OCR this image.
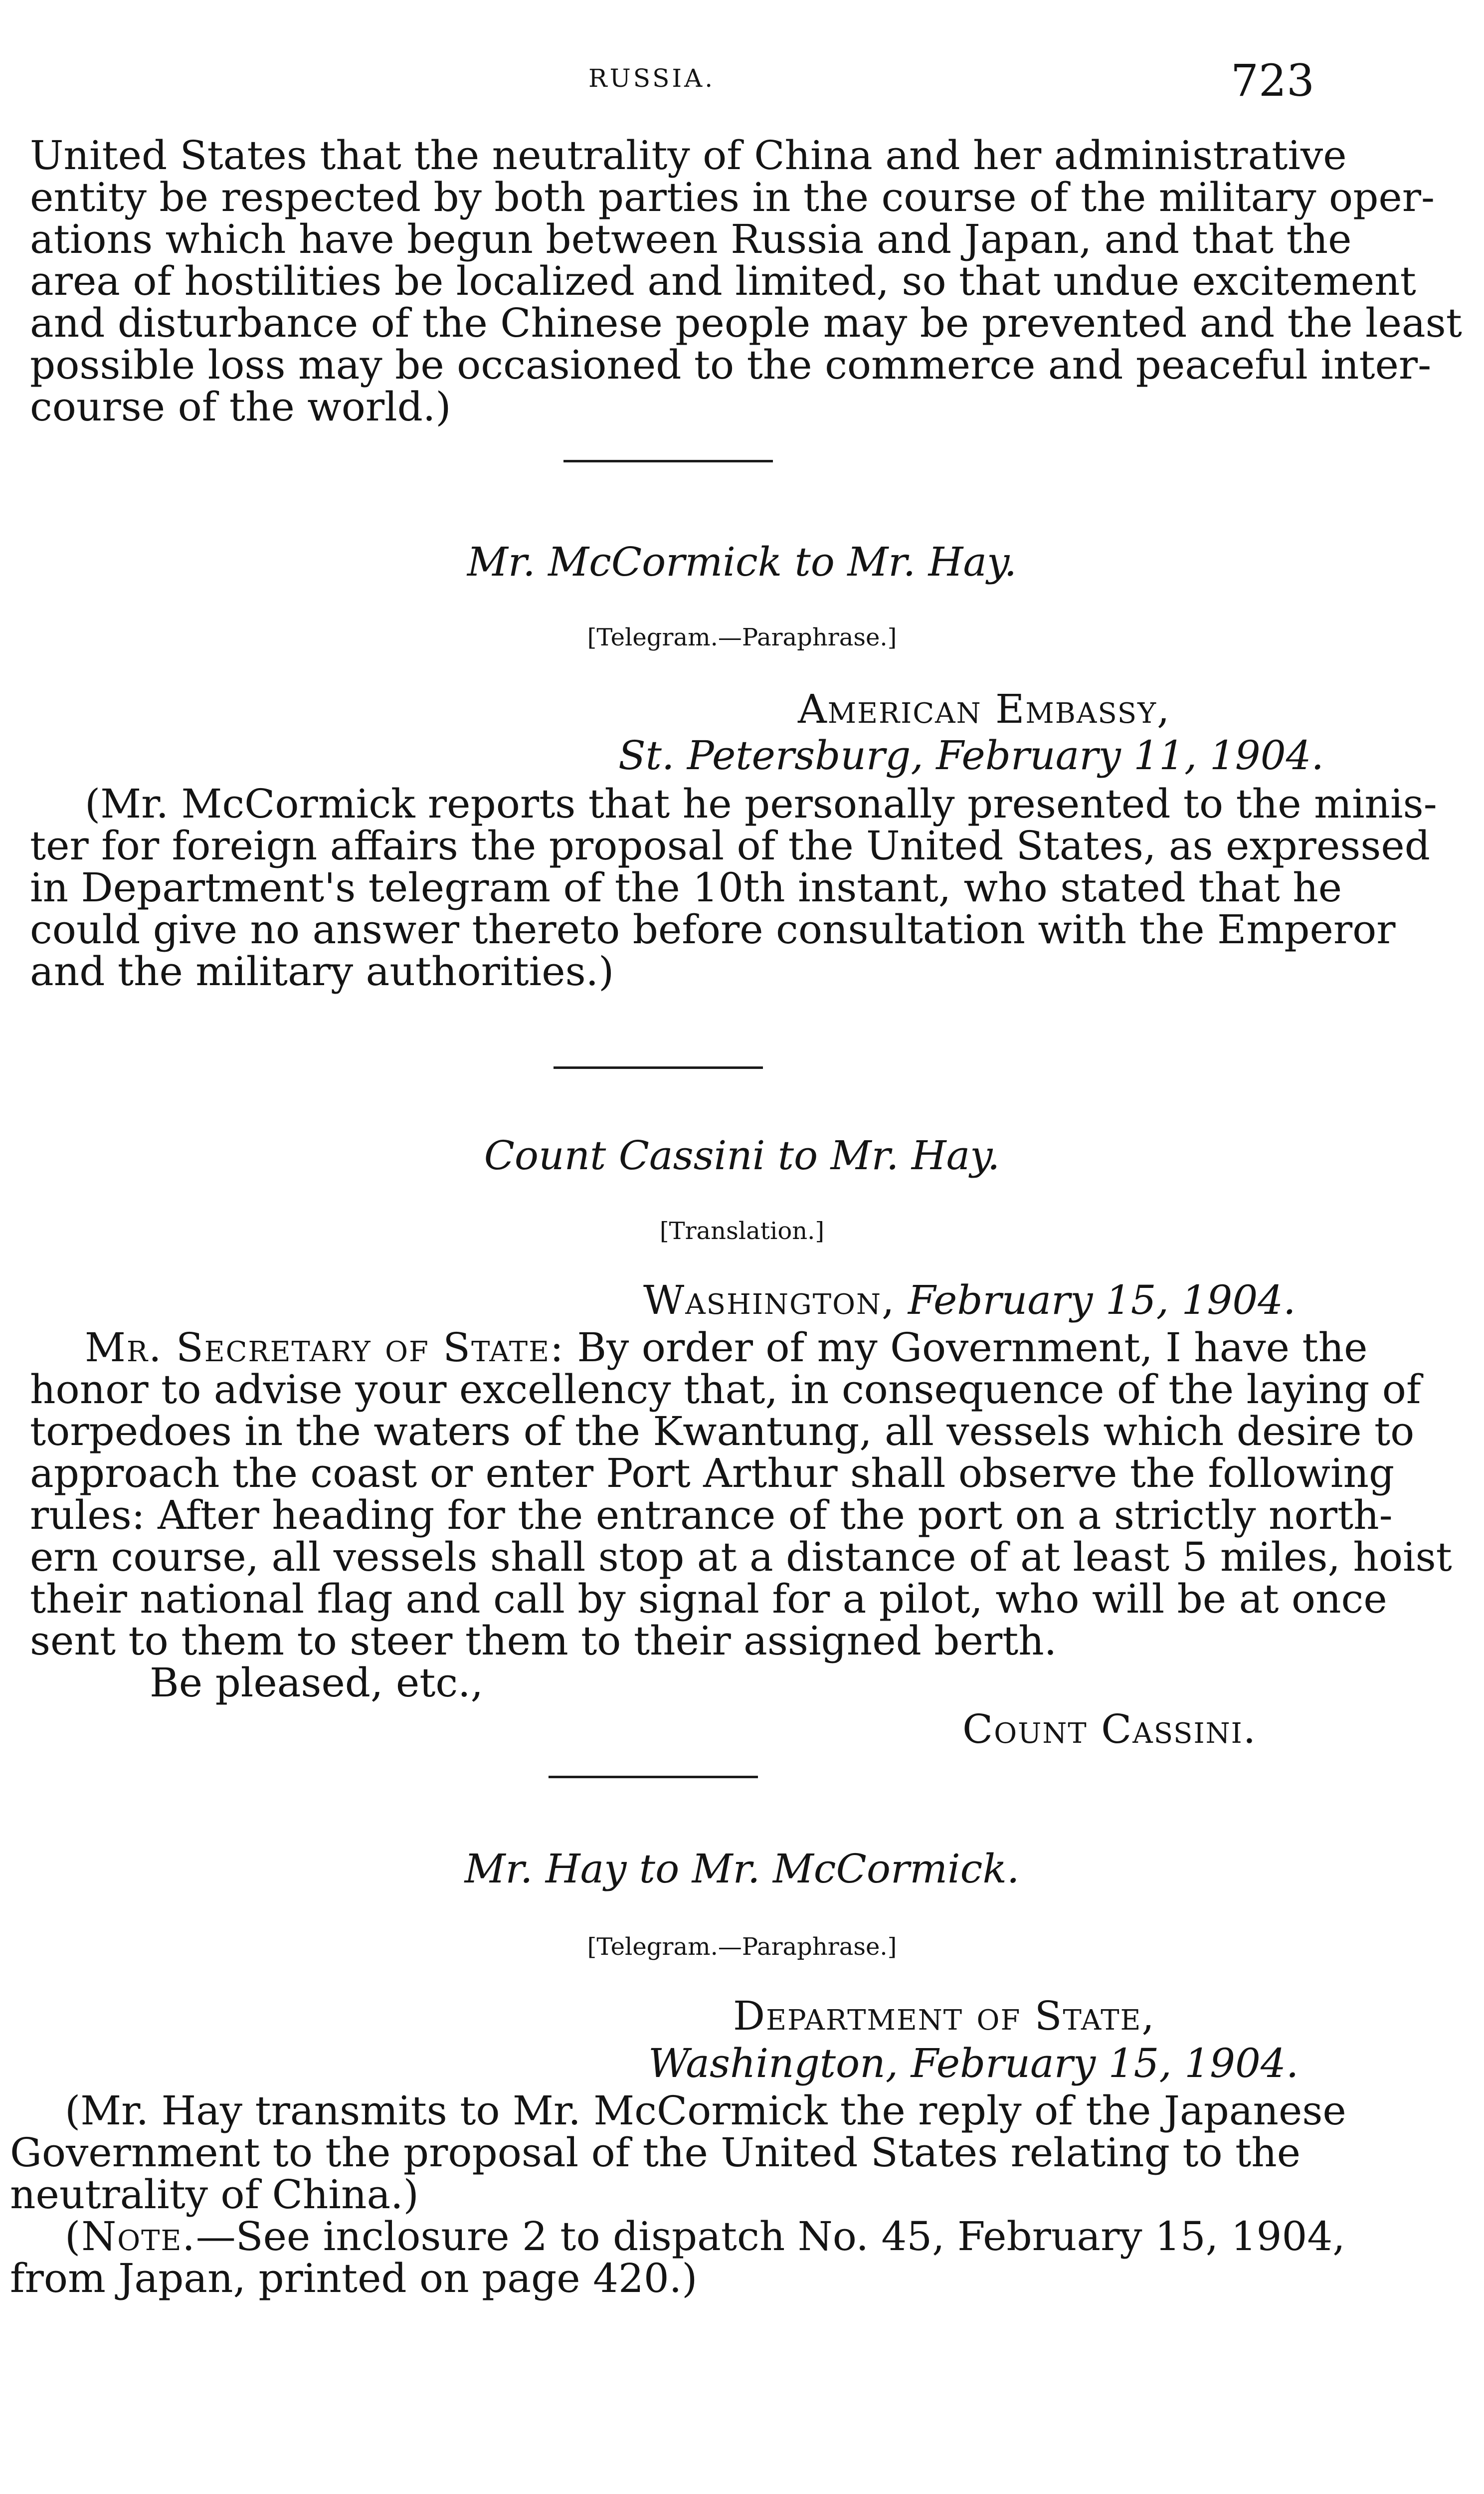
RUSSIA.	723
United States that the neutrality of China and her administrative
entity be respected by both parties in the course of the military oper-
ations which have begun between Russia and Japan, and that the
area of hostilities be localized and limited, so that undue excitement
and disturbance of the Chinese people may be prevented and the least
possible loss may be occasioned to the commerce and peaceful inter-
course of the world.)
Mr. McCormick to Mr. Hay.
[Telegram.—Paraphrase.]
American Embassy,
St. Petersburg, February 11, 1904.
(Mr. McCormick reports that he personally presented to the minis-
ter for foreign affairs the proposal of the United States, as expressed
in Department's telegram of the 10th instant, who stated that he
could give no answer thereto before consultation with the Emperor
and the military authorities.)
Count Cassini to Mr. Hay.
[Translation.]
Washington, February 15, 1904.
Mr. Secretary of State: By order of my Government, I have the
honor to advise your excellency that, in consequence of the laying of
torpedoes in the waters of the Kwantung, all vessels which desire to
approach the coast or enter Port Arthur shall observe the following
rules: After heading for the entrance of the port on a strictly north-
ern course, all vessels shall stop at a distance of at least 5 miles, hoist
their national flag and call by signal for a pilot, who will be at once
sent to them to steer them to their assigned berth.
Be pleased, etc.,
Count Cassini.
Mr. Hay to Mr. McCormick.
[Telegram.—Paraphrase.]
Department of State,
Washington, February 15, 1904.
(Mr. Hay transmits to Mr. McCormick the reply of the Japanese
Government to the proposal of the United States relating to the
neutrality of China.)
(Note.—See inclosure 2 to dispatch No. 45, February 15, 1904,
from Japan, printed on page 420.)
